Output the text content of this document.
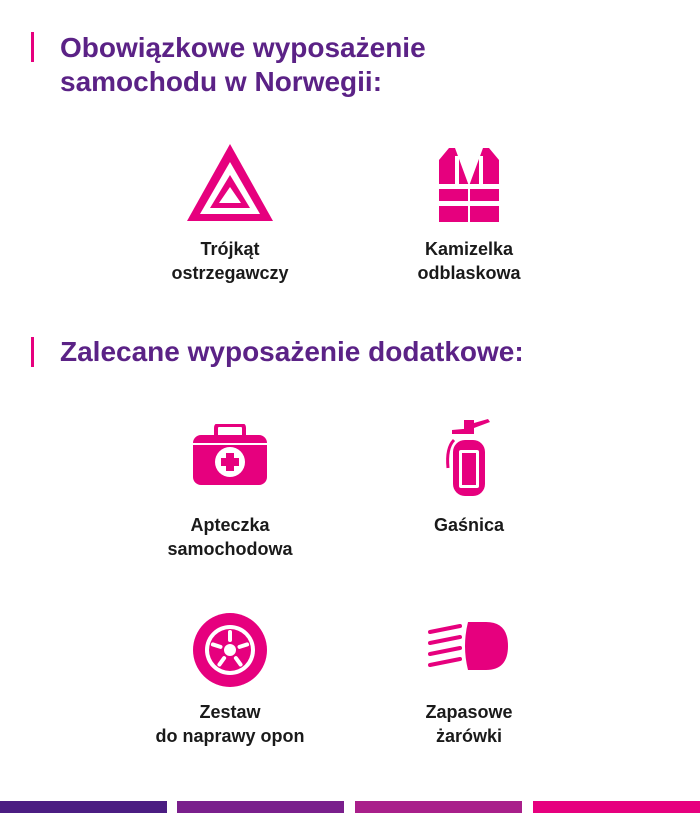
Obowiązkowe wyposażenie
samochodu w Norwegii:
Trójkąt
ostrzegawczy
Kamizelka
odblaskowa
Zalecane wyposażenie dodatkowe:
Apteczka
samochodowa
Gaśnica
Zestaw
do naprawy opon
Zapasowe
żarówki
